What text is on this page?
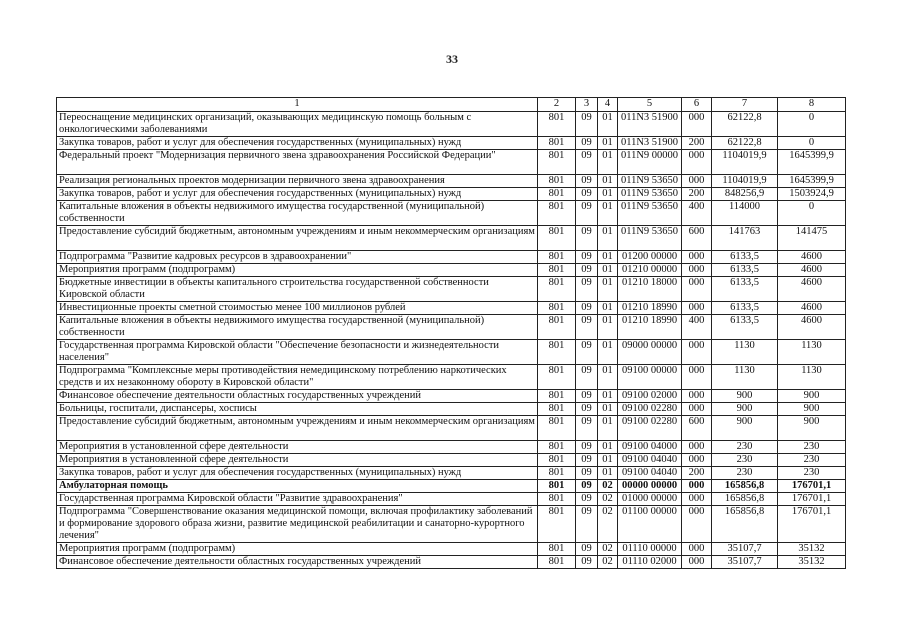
33
1	2	3	4	5	6	7	8
Переоснащение медицинских организаций, оказывающих медицинскую помощь больным с онкологическими заболеваниями	801	09	01	011N3 51900	000	62122,8	0
Закупка товаров, работ и услуг для обеспечения государственных (муниципальных) нужд	801	09	01	011N3 51900	200	62122,8	0
Федеральный проект "Модернизация первичного звена здравоохранения Российской Федерации"	801	09	01	011N9 00000	000	1104019,9	1645399,9
Реализация региональных проектов модернизации первичного звена здравоохранения	801	09	01	011N9 53650	000	1104019,9	1645399,9
Закупка товаров, работ и услуг для обеспечения государственных (муниципальных) нужд	801	09	01	011N9 53650	200	848256,9	1503924,9
Капитальные вложения в объекты недвижимого имущества государственной (муниципальной) собственности	801	09	01	011N9 53650	400	114000	0
Предоставление субсидий бюджетным, автономным учреждениям и иным некоммерческим организациям	801	09	01	011N9 53650	600	141763	141475
Подпрограмма "Развитие кадровых ресурсов в здравоохранении"	801	09	01	01200 00000	000	6133,5	4600
Мероприятия программ (подпрограмм)	801	09	01	01210 00000	000	6133,5	4600
Бюджетные инвестиции в объекты капитального строительства государственной собственности Кировской области	801	09	01	01210 18000	000	6133,5	4600
Инвестиционные проекты сметной стоимостью менее 100 миллионов рублей	801	09	01	01210 18990	000	6133,5	4600
Капитальные вложения в объекты недвижимого имущества государственной (муниципальной) собственности	801	09	01	01210 18990	400	6133,5	4600
Государственная программа Кировской области "Обеспечение безопасности и жизнедеятельности населения"	801	09	01	09000 00000	000	1130	1130
Подпрограмма "Комплексные меры противодействия немедицинскому потреблению наркотических средств и их незаконному обороту в Кировской области"	801	09	01	09100 00000	000	1130	1130
Финансовое обеспечение деятельности областных государственных учреждений	801	09	01	09100 02000	000	900	900
Больницы, госпитали, диспансеры, хосписы	801	09	01	09100 02280	000	900	900
Предоставление субсидий бюджетным, автономным учреждениям и иным некоммерческим организациям	801	09	01	09100 02280	600	900	900
Мероприятия в установленной сфере деятельности	801	09	01	09100 04000	000	230	230
Мероприятия в установленной сфере деятельности	801	09	01	09100 04040	000	230	230
Закупка товаров, работ и услуг для обеспечения государственных (муниципальных) нужд	801	09	01	09100 04040	200	230	230
Амбулаторная помощь	801	09	02	00000 00000	000	165856,8	176701,1
Государственная программа Кировской области "Развитие здравоохранения"	801	09	02	01000 00000	000	165856,8	176701,1
Подпрограмма "Совершенствование оказания медицинской помощи, включая профилактику заболеваний и формирование здорового образа жизни, развитие медицинской реабилитации и санаторно-курортного лечения"	801	09	02	01100 00000	000	165856,8	176701,1
Мероприятия программ (подпрограмм)	801	09	02	01110 00000	000	35107,7	35132
Финансовое обеспечение деятельности областных государственных учреждений	801	09	02	01110 02000	000	35107,7	35132
